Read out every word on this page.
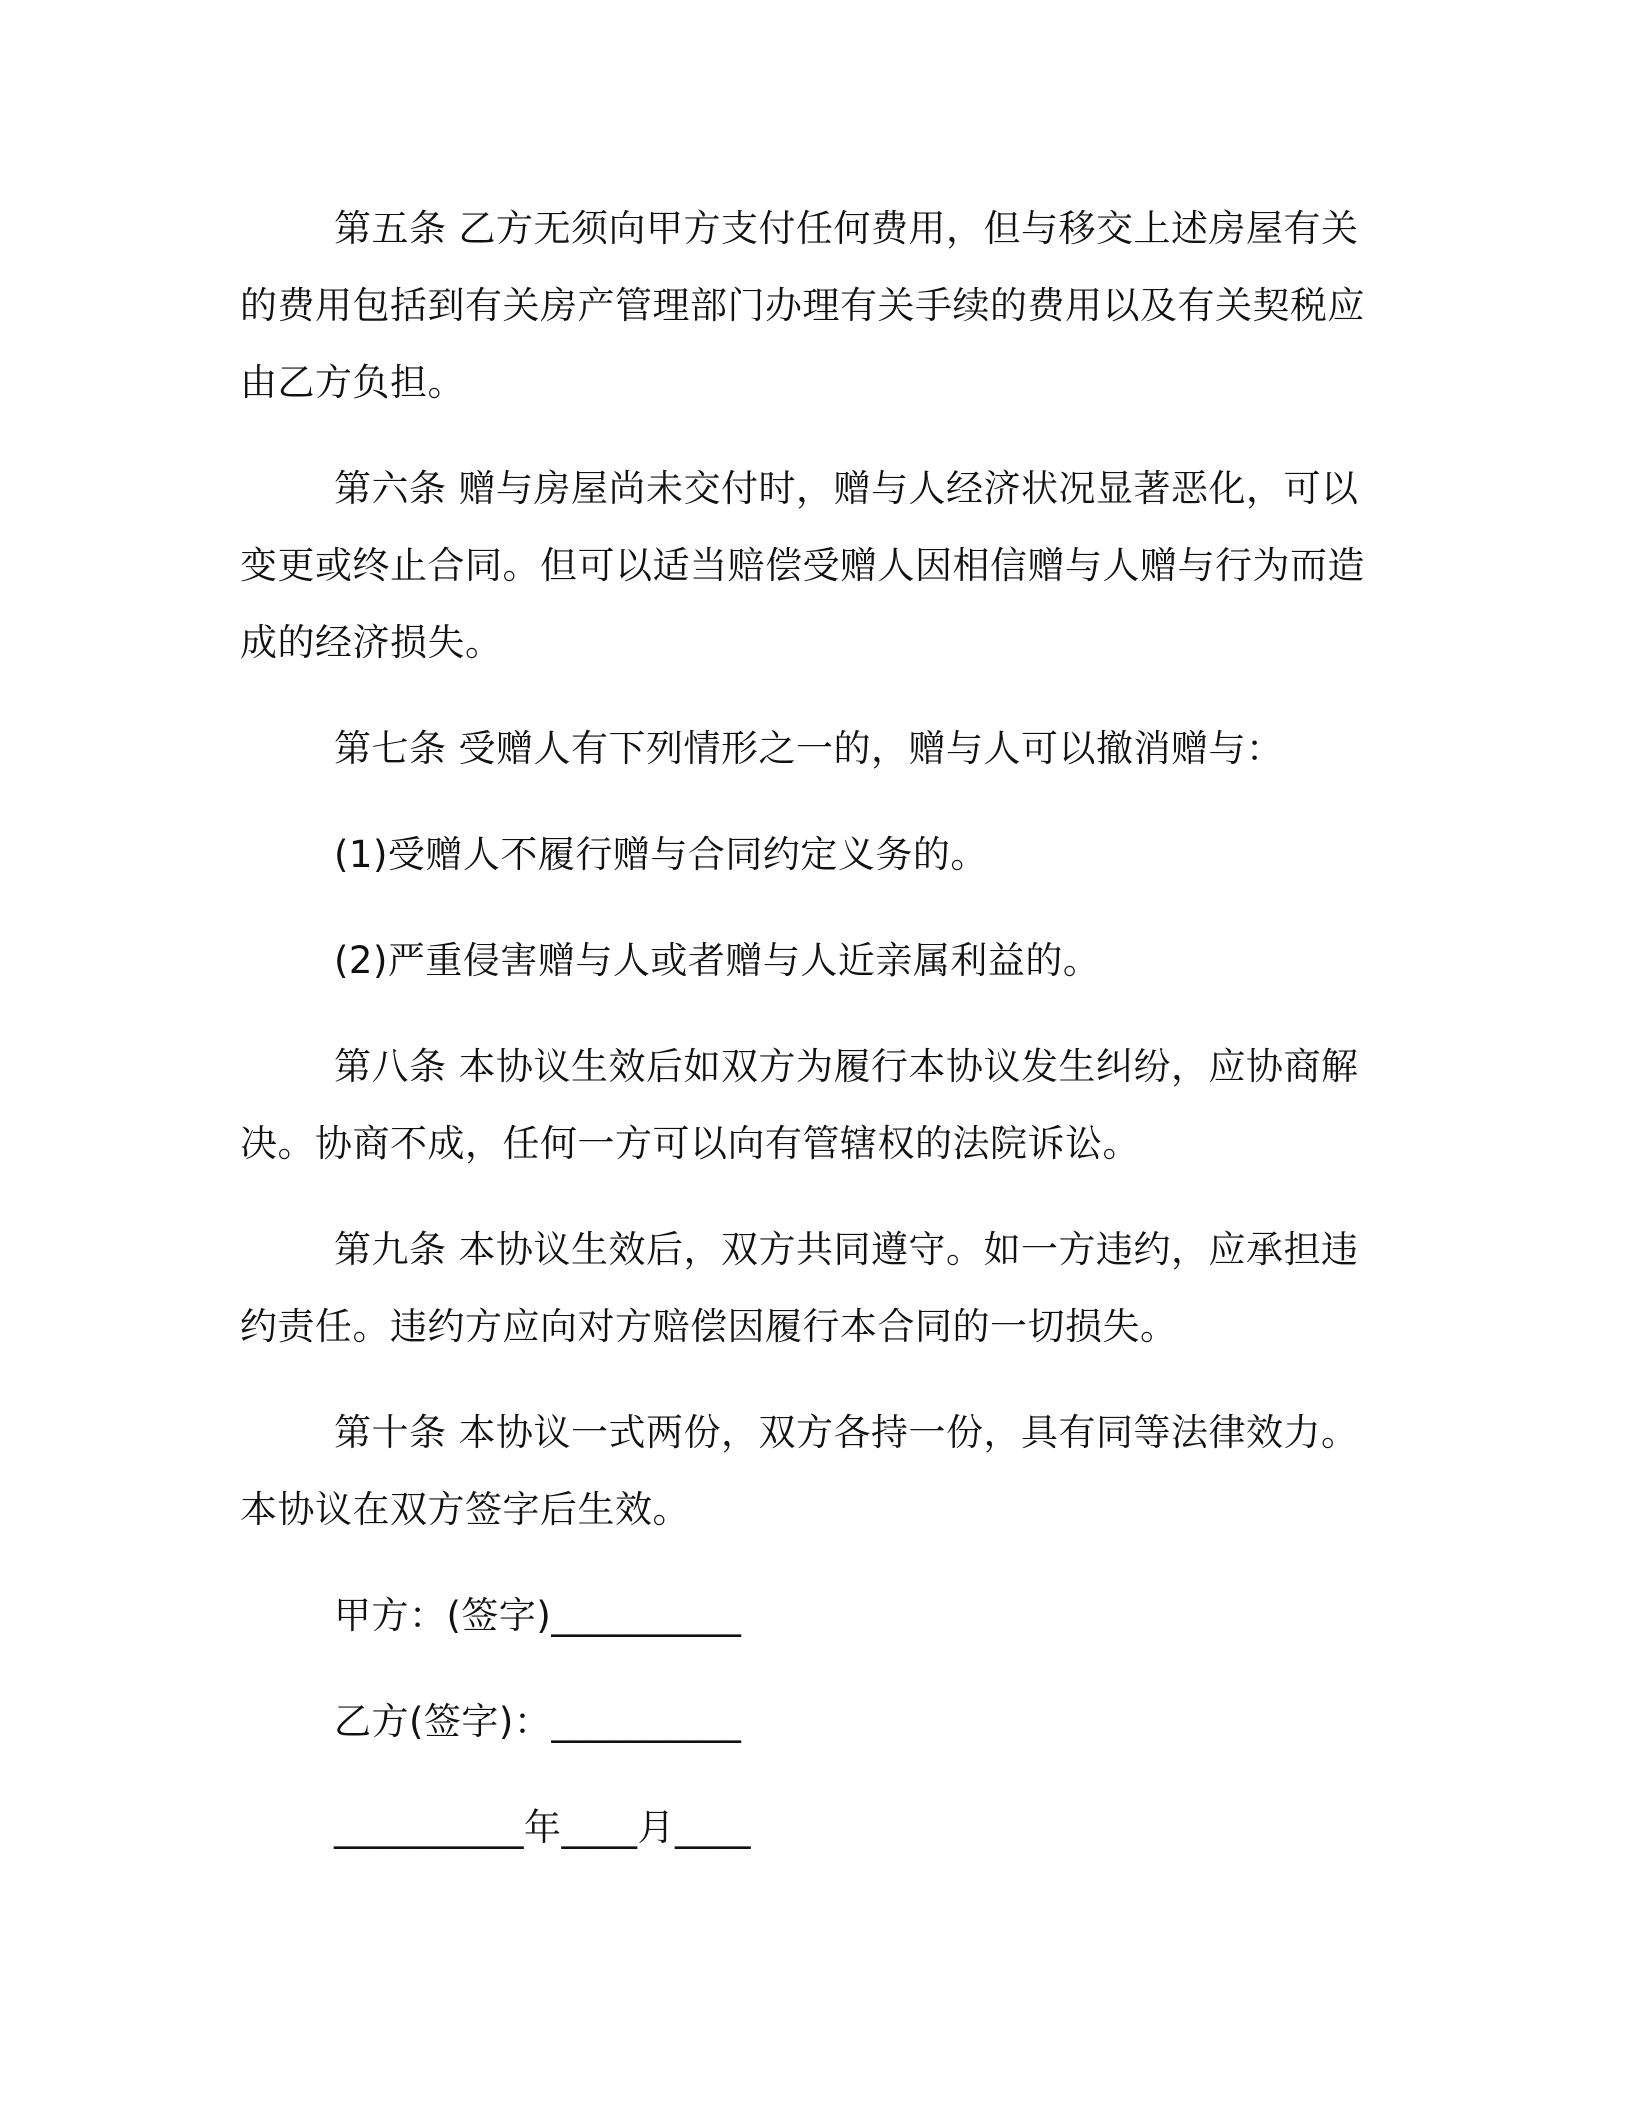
第五条 乙方无须向甲方支付任何费用，但与移交上述房屋有关的费用包括到有关房产管理部门办理有关手续的费用以及有关契税应由乙方负担。

第六条 赠与房屋尚未交付时，赠与人经济状况显著恶化，可以变更或终止合同。但可以适当赔偿受赠人因相信赠与人赠与行为而造成的经济损失。

第七条 受赠人有下列情形之一的，赠与人可以撤消赠与：

(1)受赠人不履行赠与合同约定义务的。

(2)严重侵害赠与人或者赠与人近亲属利益的。

第八条 本协议生效后如双方为履行本协议发生纠纷，应协商解决。协商不成，任何一方可以向有管辖权的法院诉讼。

第九条 本协议生效后，双方共同遵守。如一方违约，应承担违约责任。违约方应向对方赔偿因履行本合同的一切损失。

第十条 本协议一式两份，双方各持一份，具有同等法律效力。本协议在双方签字后生效。

甲方：(签字)__________

乙方(签字)：__________

__________年____月____
